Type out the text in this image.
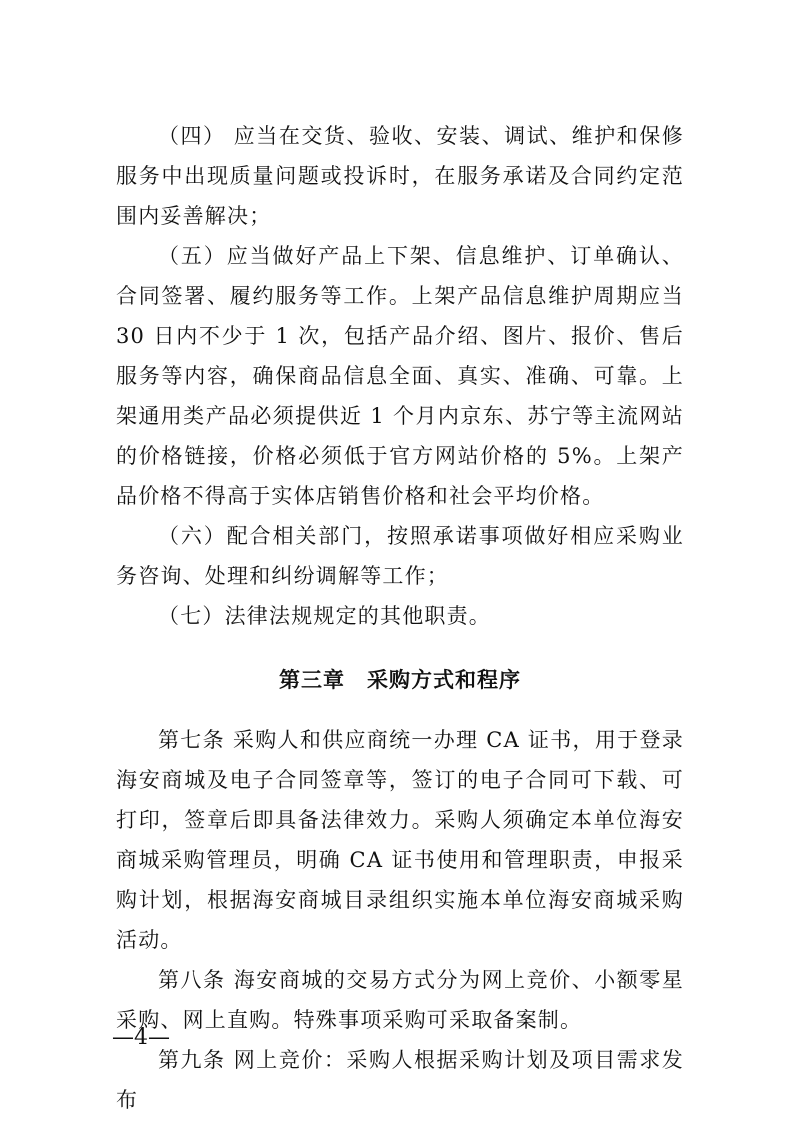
（四） 应当在交货、验收、安装、调试、维护和保修服务中出现质量问题或投诉时，在服务承诺及合同约定范围内妥善解决；

（五）应当做好产品上下架、信息维护、订单确认、合同签署、履约服务等工作。上架产品信息维护周期应当 30 日内不少于 1 次，包括产品介绍、图片、报价、售后服务等内容，确保商品信息全面、真实、准确、可靠。上架通用类产品必须提供近 1 个月内京东、苏宁等主流网站的价格链接，价格必须低于官方网站价格的 5%。上架产品价格不得高于实体店销售价格和社会平均价格。

（六）配合相关部门，按照承诺事项做好相应采购业务咨询、处理和纠纷调解等工作；

（七）法律法规规定的其他职责。

第三章　采购方式和程序

第七条 采购人和供应商统一办理 CA 证书，用于登录海安商城及电子合同签章等，签订的电子合同可下载、可打印，签章后即具备法律效力。采购人须确定本单位海安商城采购管理员，明确 CA 证书使用和管理职责，申报采购计划，根据海安商城目录组织实施本单位海安商城采购活动。

第八条 海安商城的交易方式分为网上竞价、小额零星采购、网上直购。特殊事项采购可采取备案制。

第九条 网上竞价：采购人根据采购计划及项目需求发布

—4—
